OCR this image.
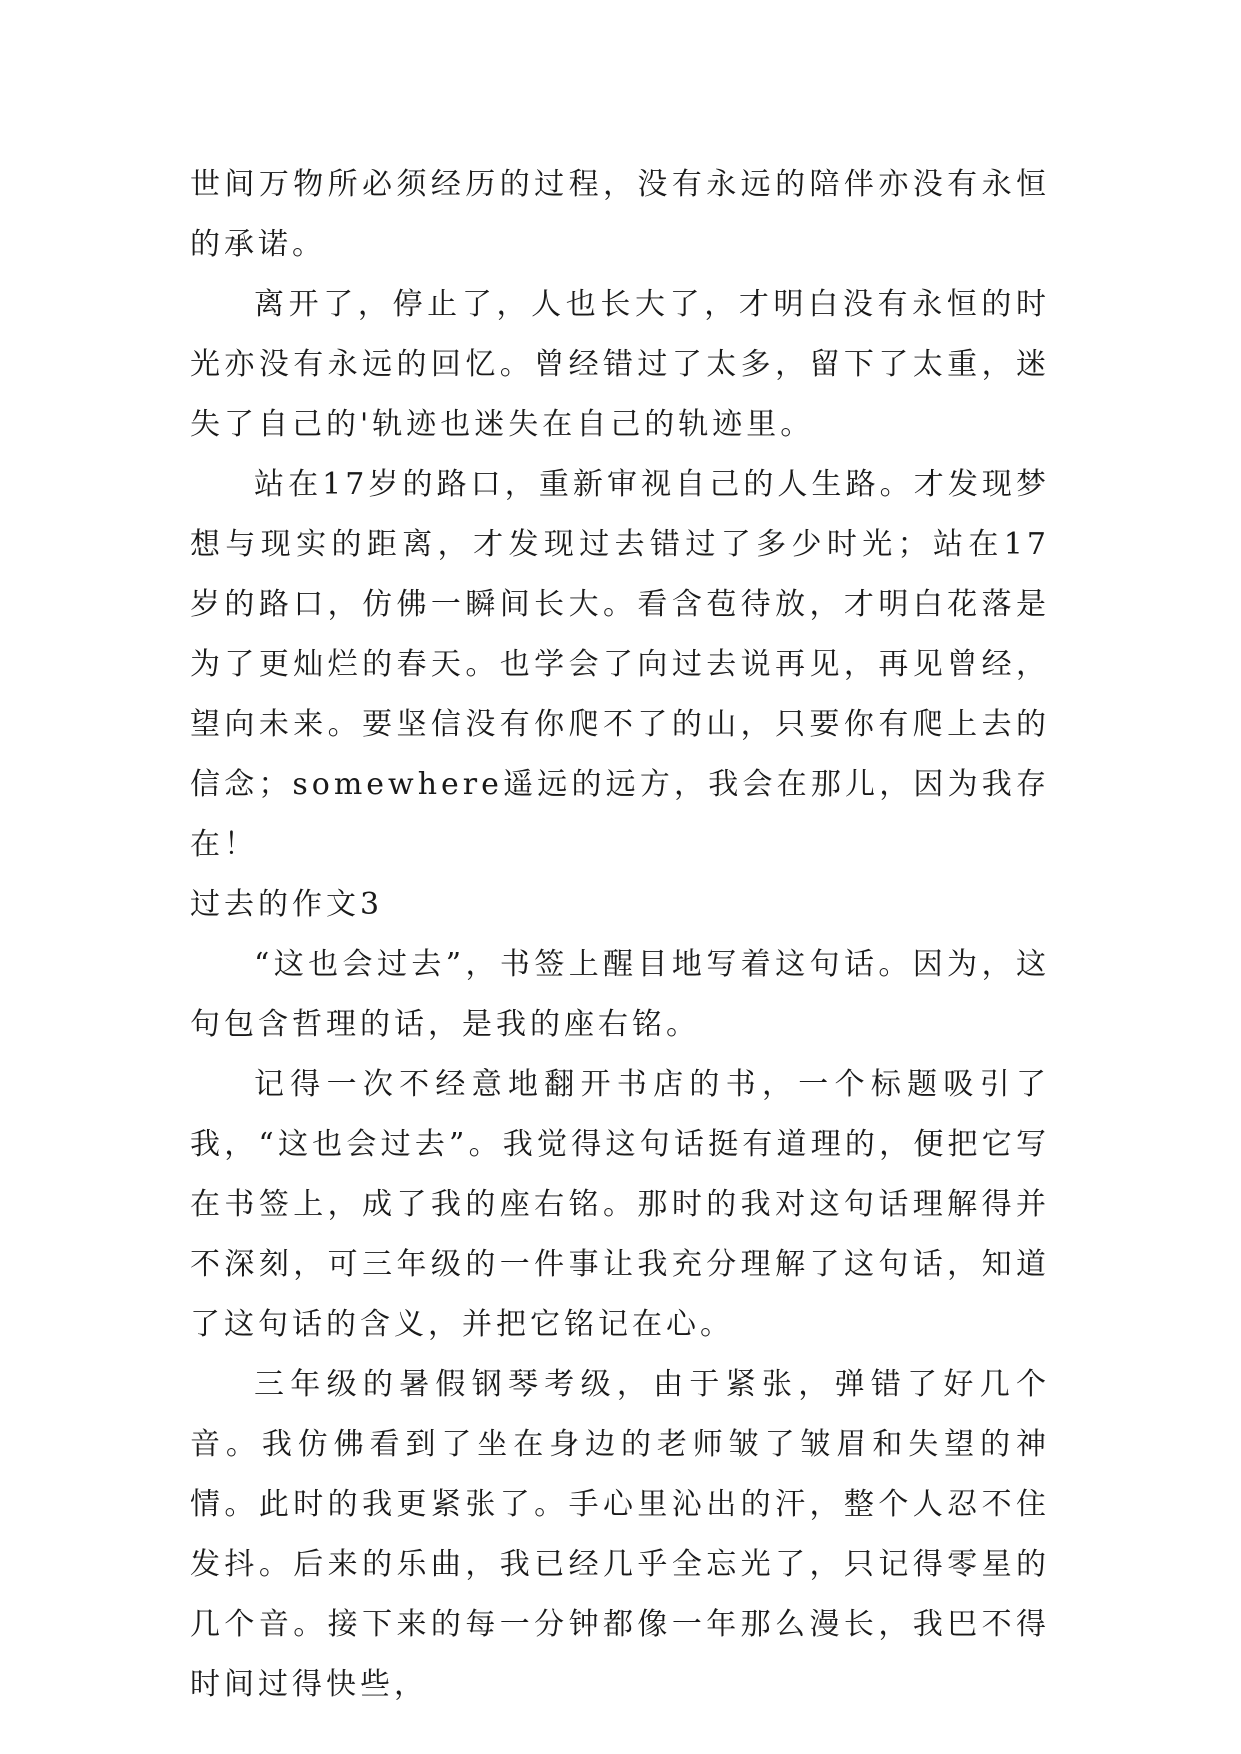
世间万物所必须经历的过程，没有永远的陪伴亦没有永恒的承诺。

离开了，停止了，人也长大了，才明白没有永恒的时光亦没有永远的回忆。曾经错过了太多，留下了太重，迷失了自己的'轨迹也迷失在自己的轨迹里。

站在17岁的路口，重新审视自己的人生路。才发现梦想与现实的距离，才发现过去错过了多少时光；站在17岁的路口，仿佛一瞬间长大。看含苞待放，才明白花落是为了更灿烂的春天。也学会了向过去说再见，再见曾经，望向未来。要坚信没有你爬不了的山，只要你有爬上去的信念；somewhere遥远的远方，我会在那儿，因为我存在！

过去的作文3

“这也会过去”，书签上醒目地写着这句话。因为，这句包含哲理的话，是我的座右铭。

记得一次不经意地翻开书店的书，一个标题吸引了我，“这也会过去”。我觉得这句话挺有道理的，便把它写在书签上，成了我的座右铭。那时的我对这句话理解得并不深刻，可三年级的一件事让我充分理解了这句话，知道了这句话的含义，并把它铭记在心。

三年级的暑假钢琴考级，由于紧张，弹错了好几个音。我仿佛看到了坐在身边的老师皱了皱眉和失望的神情。此时的我更紧张了。手心里沁出的汗，整个人忍不住发抖。后来的乐曲，我已经几乎全忘光了，只记得零星的几个音。接下来的每一分钟都像一年那么漫长，我巴不得时间过得快些，
